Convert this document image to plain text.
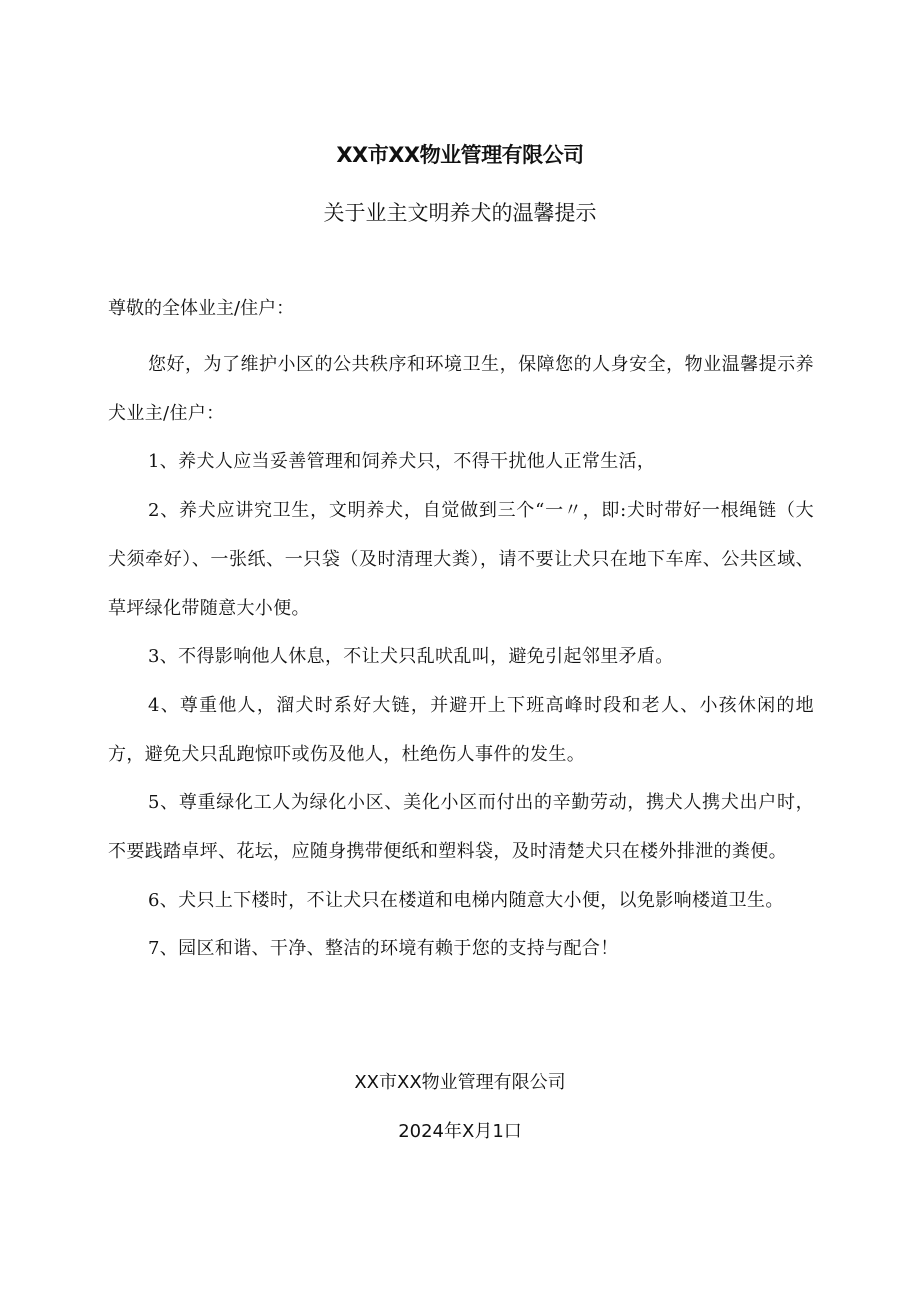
XX市XX物业管理有限公司
关于业主文明养犬的温馨提示
尊敬的全体业主/住户：

您好，为了维护小区的公共秩序和环境卫生，保障您的人身安全，物业温馨提示养犬业主/住户：

1、养犬人应当妥善管理和饲养犬只，不得干扰他人正常生活，

2、养犬应讲究卫生，文明养犬，自觉做到三个“一〃，即:犬时带好一根绳链（大犬须牵好）、一张纸、一只袋（及时清理大粪），请不要让犬只在地下车库、公共区域、草坪绿化带随意大小便。

3、不得影响他人休息，不让犬只乱吠乱叫，避免引起邻里矛盾。

4、尊重他人，溜犬时系好大链，并避开上下班高峰时段和老人、小孩休闲的地方，避免犬只乱跑惊吓或伤及他人，杜绝伤人事件的发生。

5、尊重绿化工人为绿化小区、美化小区而付出的辛勤劳动，携犬人携犬出户时，不要践踏卓坪、花坛，应随身携带便纸和塑料袋，及时清楚犬只在楼外排泄的粪便。

6、犬只上下楼时，不让犬只在楼道和电梯内随意大小便，以免影响楼道卫生。

7、园区和谐、干净、整洁的环境有赖于您的支持与配合！

XX市XX物业管理有限公司
2024年X月1口
